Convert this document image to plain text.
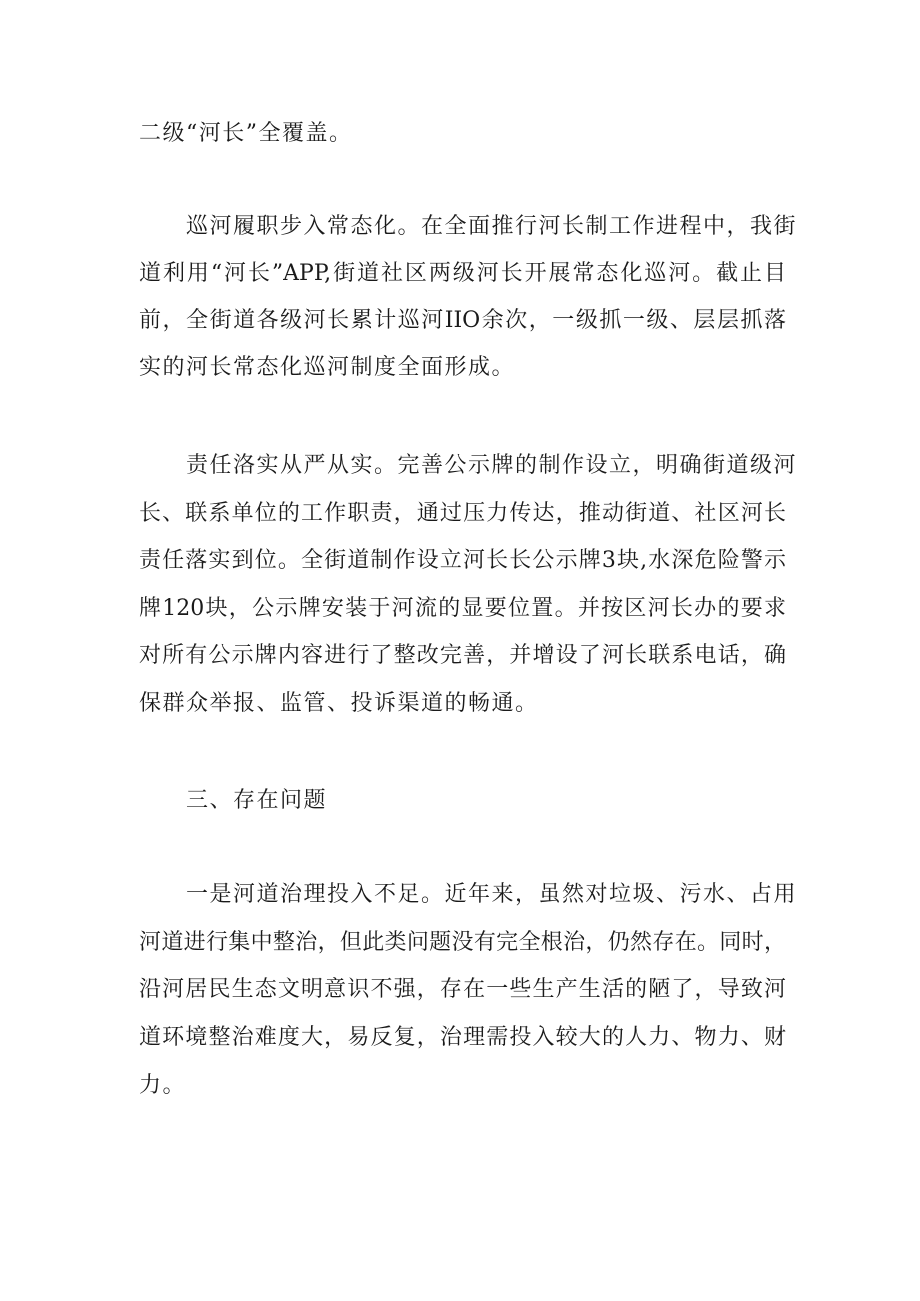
二级“河长”全覆盖。

巡河履职步入常态化。在全面推行河长制工作进程中，我街

道利用“河长”APP,街道社区两级河长开展常态化巡河。截止目

前，全街道各级河长累计巡河IIO余次，一级抓一级、层层抓落

实的河长常态化巡河制度全面形成。

责任洛实从严从实。完善公示牌的制作设立，明确街道级河

长、联系单位的工作职责，通过压力传达，推动街道、社区河长

责任落实到位。全街道制作设立河长长公示牌3块,水深危险警示

牌120块，公示牌安装于河流的显要位置。并按区河长办的要求

对所有公示牌内容进行了整改完善，并增设了河长联系电话，确

保群众举报、监管、投诉渠道的畅通。

三、存在问题

一是河道治理投入不足。近年来，虽然对垃圾、污水、占用

河道进行集中整治，但此类问题没有完全根治，仍然存在。同时，

沿河居民生态文明意识不强，存在一些生产生活的陋了，导致河

道环境整治难度大，易反复，治理需投入较大的人力、物力、财

力。
